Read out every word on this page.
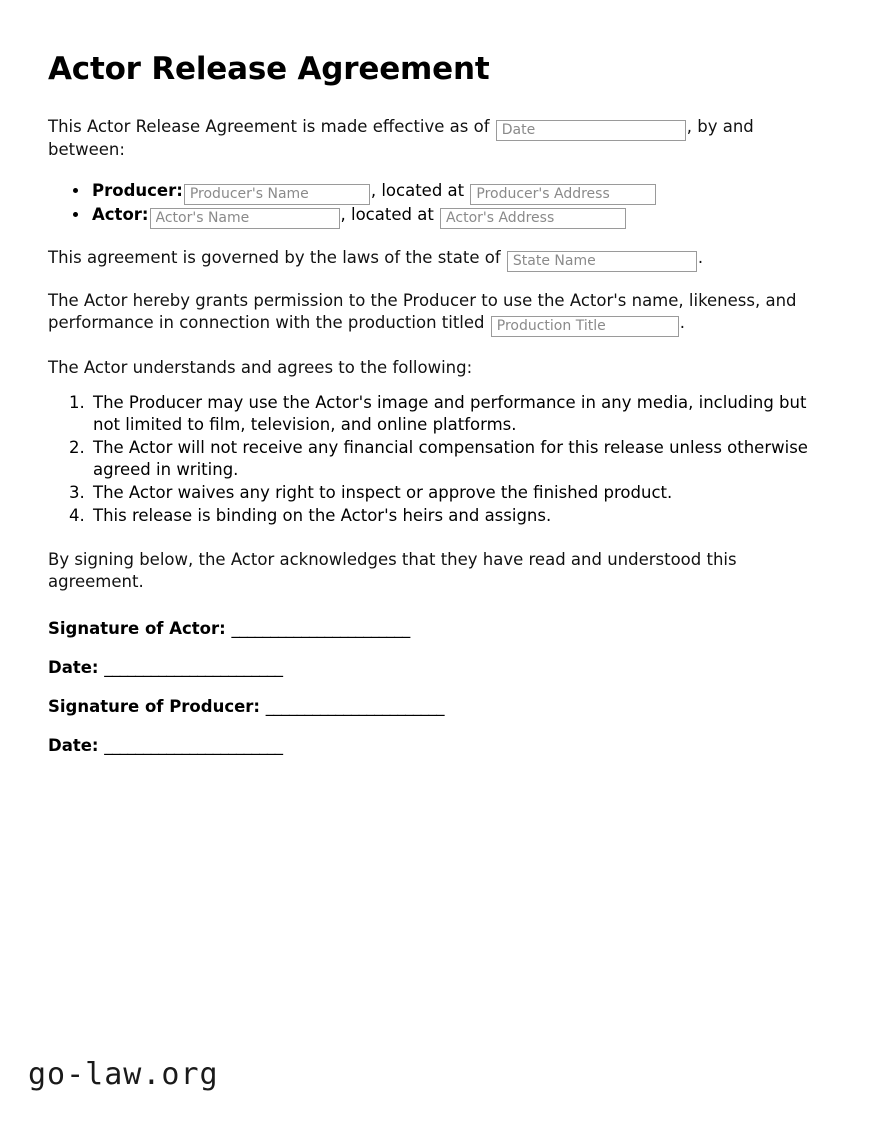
Actor Release Agreement

This Actor Release Agreement is made effective as of Date	, by and between:

• Producer:Producer's Name	, located at Producer's Address
• Actor:Actor's Name	, located at Actor's Address

This agreement is governed by the laws of the state of State Name	.

The Actor hereby grants permission to the Producer to use the Actor's name, likeness, and performance in connection with the production titled Production Title	.

The Actor understands and agrees to the following:

1. The Producer may use the Actor's image and performance in any media, including but not limited to film, television, and online platforms.
2. The Actor will not receive any financial compensation for this release unless otherwise agreed in writing.
3. The Actor waives any right to inspect or approve the finished product.
4. This release is binding on the Actor's heirs and assigns.

By signing below, the Actor acknowledges that they have read and understood this agreement.

Signature of Actor: _______________________
Date: _______________________
Signature of Producer: _______________________
Date: _______________________
go-law.org
